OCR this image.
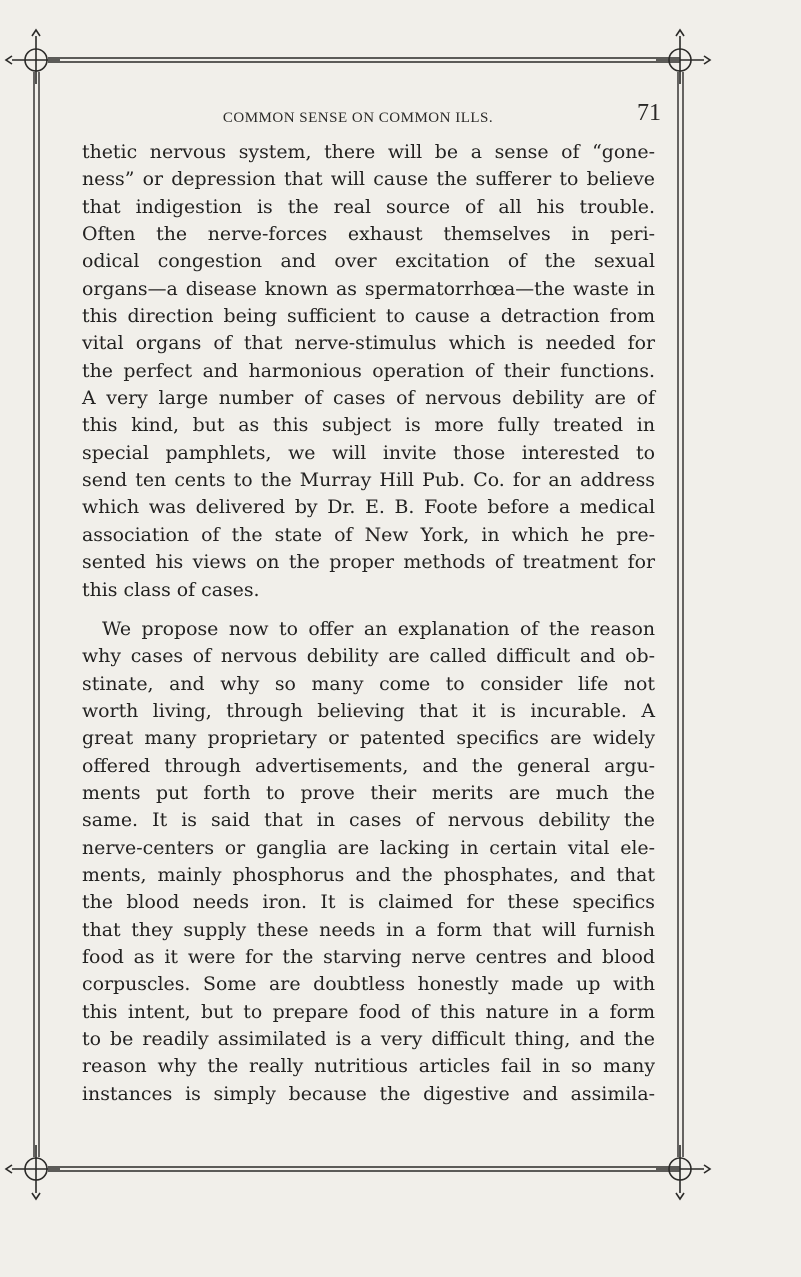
COMMON SENSE ON COMMON ILLS.	71
thetic nervous system, there will be a sense of “gone-
ness” or depression that will cause the sufferer to believe
that indigestion is the real source of all his trouble.
Often the nerve-forces exhaust themselves in peri-
odical congestion and over excitation of the sexual
organs—a disease known as spermatorrhœa—the waste in
this direction being sufficient to cause a detraction from
vital organs of that nerve-stimulus which is needed for
the perfect and harmonious operation of their functions.
A very large number of cases of nervous debility are of
this kind, but as this subject is more fully treated in
special pamphlets, we will invite those interested to
send ten cents to the Murray Hill Pub. Co. for an address
which was delivered by Dr. E. B. Foote before a medical
association of the state of New York, in which he pre-
sented his views on the proper methods of treatment for
this class of cases.
We propose now to offer an explanation of the reason
why cases of nervous debility are called difficult and ob-
stinate, and why so many come to consider life not
worth living, through believing that it is incurable. A
great many proprietary or patented specifics are widely
offered through advertisements, and the general argu-
ments put forth to prove their merits are much the
same. It is said that in cases of nervous debility the
nerve-centers or ganglia are lacking in certain vital ele-
ments, mainly phosphorus and the phosphates, and that
the blood needs iron. It is claimed for these specifics
that they supply these needs in a form that will furnish
food as it were for the starving nerve centres and blood
corpuscles. Some are doubtless honestly made up with
this intent, but to prepare food of this nature in a form
to be readily assimilated is a very difficult thing, and the
reason why the really nutritious articles fail in so many
instances is simply because the digestive and assimila-
